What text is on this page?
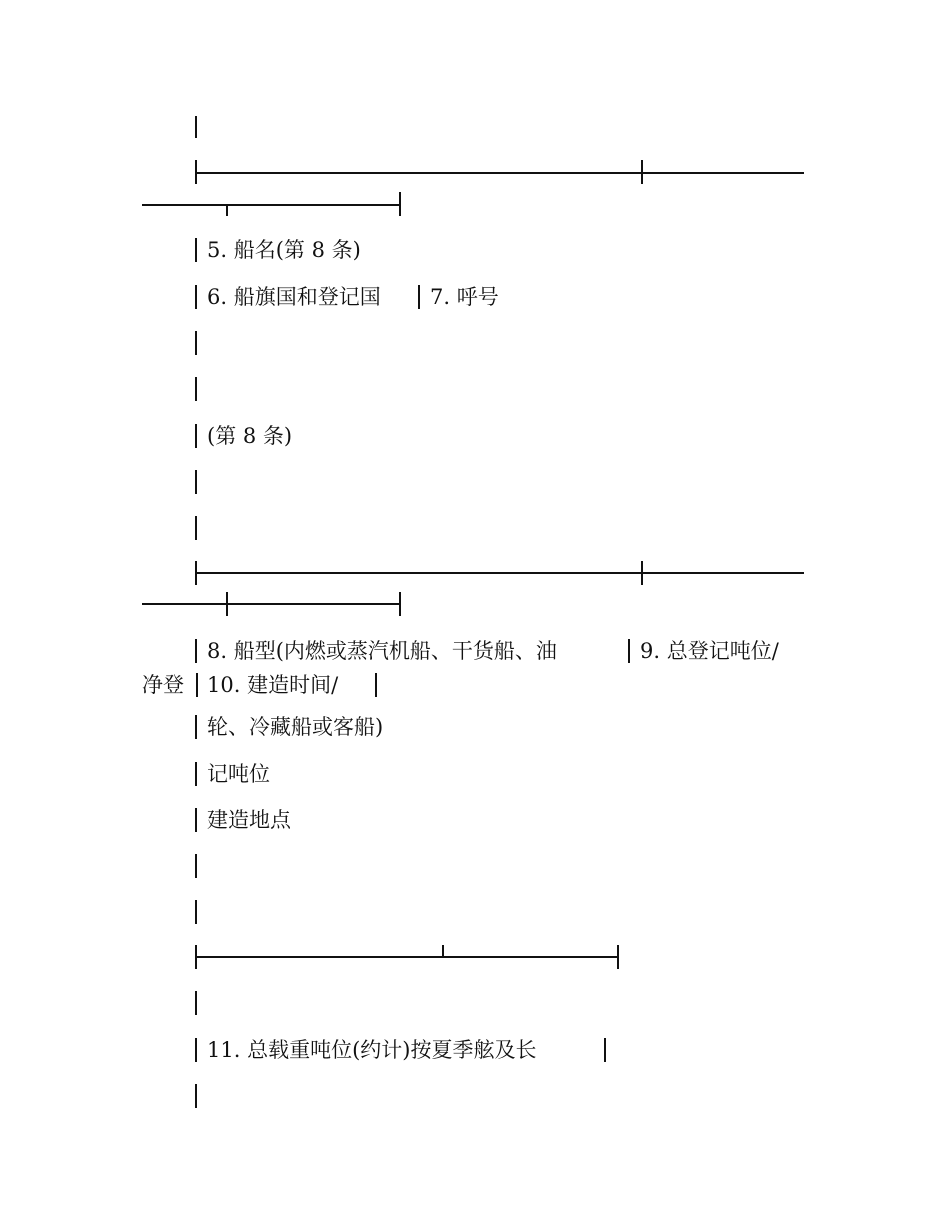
5. 船名(第 8 条)
6. 船旗国和登记国 7. 呼号
(第 8 条)
8. 船型(内燃或蒸汽机船、干货船、油	9. 总登记吨位/
净登 10. 建造时间/
轮、冷藏船或客船)
记吨位
建造地点
11. 总载重吨位(约计)按夏季舷及长
